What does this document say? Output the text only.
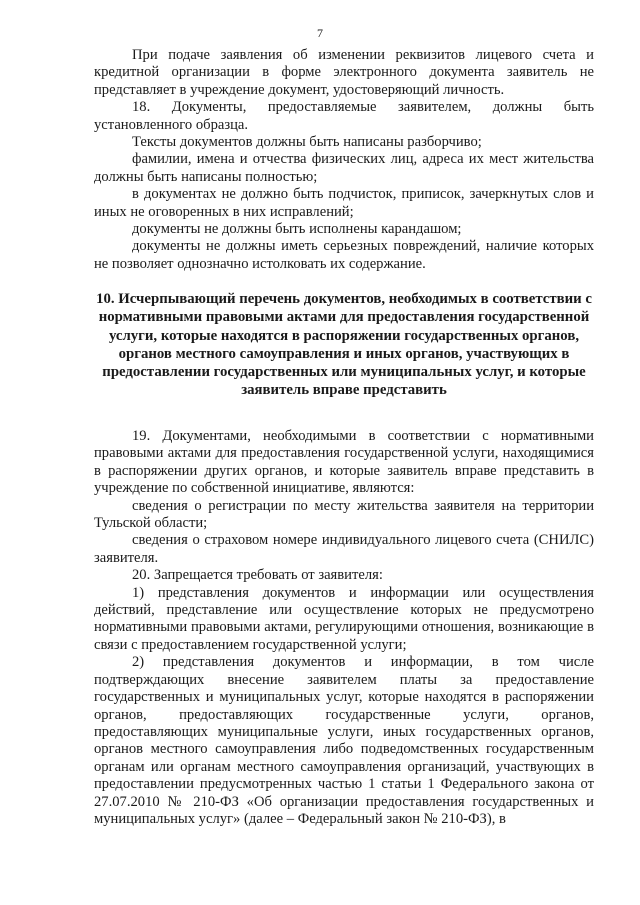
7

При подаче заявления об изменении реквизитов лицевого счета и кредитной организации в форме электронного документа заявитель не представляет в учреждение документ, удостоверяющий личность.

18. Документы, предоставляемые заявителем, должны быть установленного образца.

Тексты документов должны быть написаны разборчиво;

фамилии, имена и отчества физических лиц, адреса их мест жительства должны быть написаны полностью;

в документах не должно быть подчисток, приписок, зачеркнутых слов и иных не оговоренных в них исправлений;

документы не должны быть исполнены карандашом;

документы не должны иметь серьезных повреждений, наличие которых не позволяет однозначно истолковать их содержание.

10. Исчерпывающий перечень документов, необходимых в соответствии с нормативными правовыми актами для предоставления государственной услуги, которые находятся в распоряжении государственных органов, органов местного самоуправления и иных органов, участвующих в предоставлении государственных или муниципальных услуг, и которые заявитель вправе представить

19. Документами, необходимыми в соответствии с нормативными правовыми актами для предоставления государственной услуги, находящимися в распоряжении других органов, и которые заявитель вправе представить в учреждение по собственной инициативе, являются:

сведения о регистрации по месту жительства заявителя на территории Тульской области;

сведения о страховом номере индивидуального лицевого счета (СНИЛС) заявителя.

20. Запрещается требовать от заявителя:

1) представления документов и информации или осуществления действий, представление или осуществление которых не предусмотрено нормативными правовыми актами, регулирующими отношения, возникающие в связи с предоставлением государственной услуги;

2) представления документов и информации, в том числе подтверждающих внесение заявителем платы за предоставление государственных и муниципальных услуг, которые находятся в распоряжении органов, предоставляющих государственные услуги, органов, предоставляющих муниципальные услуги, иных государственных органов, органов местного самоуправления либо подведомственных государственным органам или органам местного самоуправления организаций, участвующих в предоставлении предусмотренных частью 1 статьи 1 Федерального закона от 27.07.2010 № 210-ФЗ «Об организации предоставления государственных и муниципальных услуг» (далее – Федеральный закон № 210-ФЗ), в
